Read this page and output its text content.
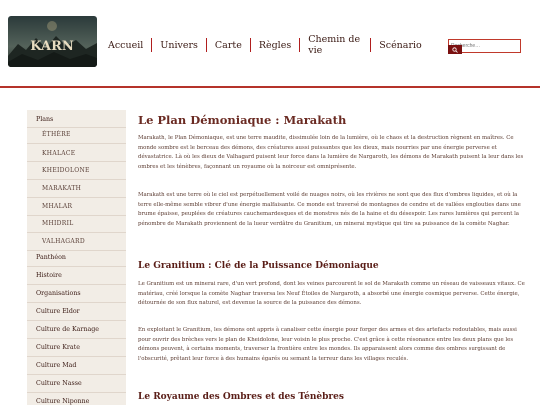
KARN	Accueil	Univers	Carte	Règles	Chemin de vie	Scénario
Recherche…
Plans
ÉTHÈRE
KHALACE
KHEIDOLONE
MARAKATH
MHALAR
MHIDRIL
VALHAGARD
Panthéon
Histoire
Organisations
Culture Eldor
Culture de Karnage
Culture Krate
Culture Mad
Culture Nasse
Culture Niponne
Le Plan Démoniaque : Marakath

Marakath, le Plan Démoniaque, est une terre maudite, dissimulée loin de la lumière, où le chaos et la destruction règnent en maîtres. Ce monde sombre est le berceau des démons, des créatures aussi puissantes que les dieux, mais nourries par une énergie perverse et dévastatrice. Là où les dieux de Valhagard puisent leur force dans la lumière de Nargaroth, les démons de Marakath puisent la leur dans les ombres et les ténèbres, façonnant un royaume où la noirceur est omniprésente.

Marakath est une terre où le ciel est perpétuellement voilé de nuages noirs, où les rivières ne sont que des flux d'ombres liquides, et où la terre elle-même semble vibrer d'une énergie malfaisante. Ce monde est traversé de montagnes de cendre et de vallées englouties dans une brume épaisse, peuplées de créatures cauchemardesques et de monstres nés de la haine et du désespoir. Les rares lumières qui percent la pénombre de Marakath proviennent de la lueur verdâtre du Granitium, un minerai mystique qui tire sa puissance de la comète Naghar.

Le Granitium : Clé de la Puissance Démoniaque

Le Granitium est un minerai rare, d'un vert profond, dont les veines parcourent le sol de Marakath comme un réseau de vaisseaux vitaux. Ce matériau, créé lorsque la comète Naghar traversa les Neuf Étoiles de Nargaroth, a absorbé une énergie cosmique perverse. Cette énergie, détournée de son flux naturel, est devenue la source de la puissance des démons.

En exploitant le Granitium, les démons ont appris à canaliser cette énergie pour forger des armes et des artefacts redoutables, mais aussi pour ouvrir des brèches vers le plan de Kheidolone, leur voisin le plus proche. C'est grâce à cette résonance entre les deux plans que les démons peuvent, à certains moments, traverser la frontière entre les mondes. Ils apparaissent alors comme des ombres surgissant de l'obscurité, prêtant leur force à des humains égarés ou semant la terreur dans les villages reculés.

Le Royaume des Ombres et des Ténèbres
